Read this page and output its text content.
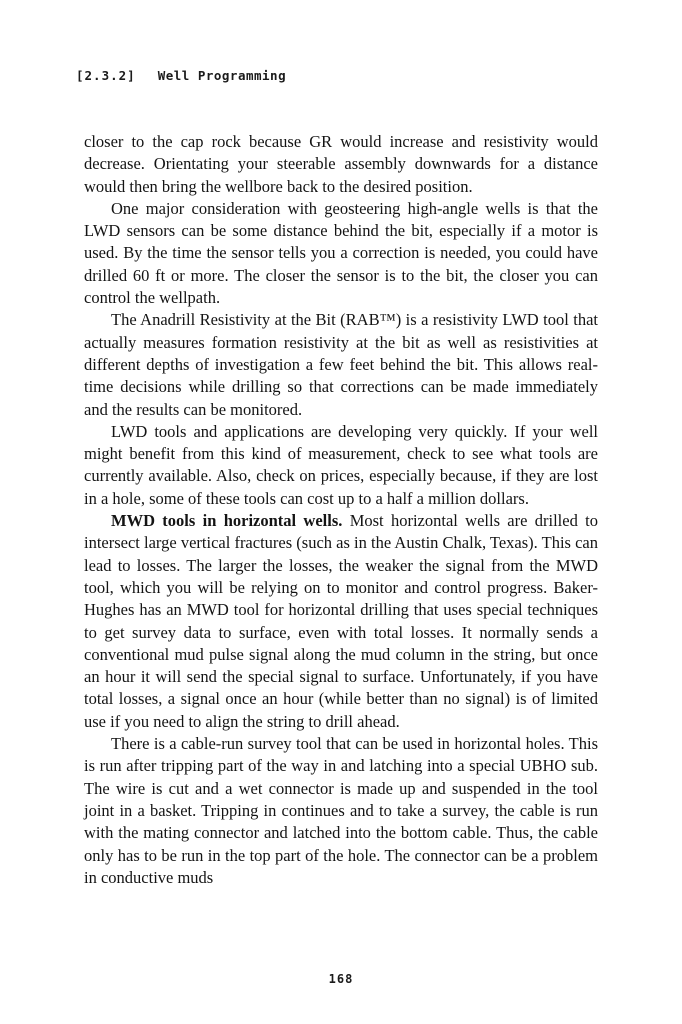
[2.3.2] Well Programming

closer to the cap rock because GR would increase and resistivity would decrease. Orientating your steerable assembly downwards for a distance would then bring the wellbore back to the desired position.

One major consideration with geosteering high-angle wells is that the LWD sensors can be some distance behind the bit, especially if a motor is used. By the time the sensor tells you a correction is needed, you could have drilled 60 ft or more. The closer the sensor is to the bit, the closer you can control the wellpath.

The Anadrill Resistivity at the Bit (RAB™) is a resistivity LWD tool that actually measures formation resistivity at the bit as well as resistivities at different depths of investigation a few feet behind the bit. This allows real-time decisions while drilling so that corrections can be made immediately and the results can be monitored.

LWD tools and applications are developing very quickly. If your well might benefit from this kind of measurement, check to see what tools are currently available. Also, check on prices, especially because, if they are lost in a hole, some of these tools can cost up to a half a million dollars.

MWD tools in horizontal wells. Most horizontal wells are drilled to intersect large vertical fractures (such as in the Austin Chalk, Texas). This can lead to losses. The larger the losses, the weaker the signal from the MWD tool, which you will be relying on to monitor and control progress. Baker-Hughes has an MWD tool for horizontal drilling that uses special techniques to get survey data to surface, even with total losses. It normally sends a conventional mud pulse signal along the mud column in the string, but once an hour it will send the special signal to surface. Unfortunately, if you have total losses, a signal once an hour (while better than no signal) is of limited use if you need to align the string to drill ahead.

There is a cable-run survey tool that can be used in horizontal holes. This is run after tripping part of the way in and latching into a special UBHO sub. The wire is cut and a wet connector is made up and suspended in the tool joint in a basket. Tripping in continues and to take a survey, the cable is run with the mating connector and latched into the bottom cable. Thus, the cable only has to be run in the top part of the hole. The connector can be a problem in conductive muds

168
